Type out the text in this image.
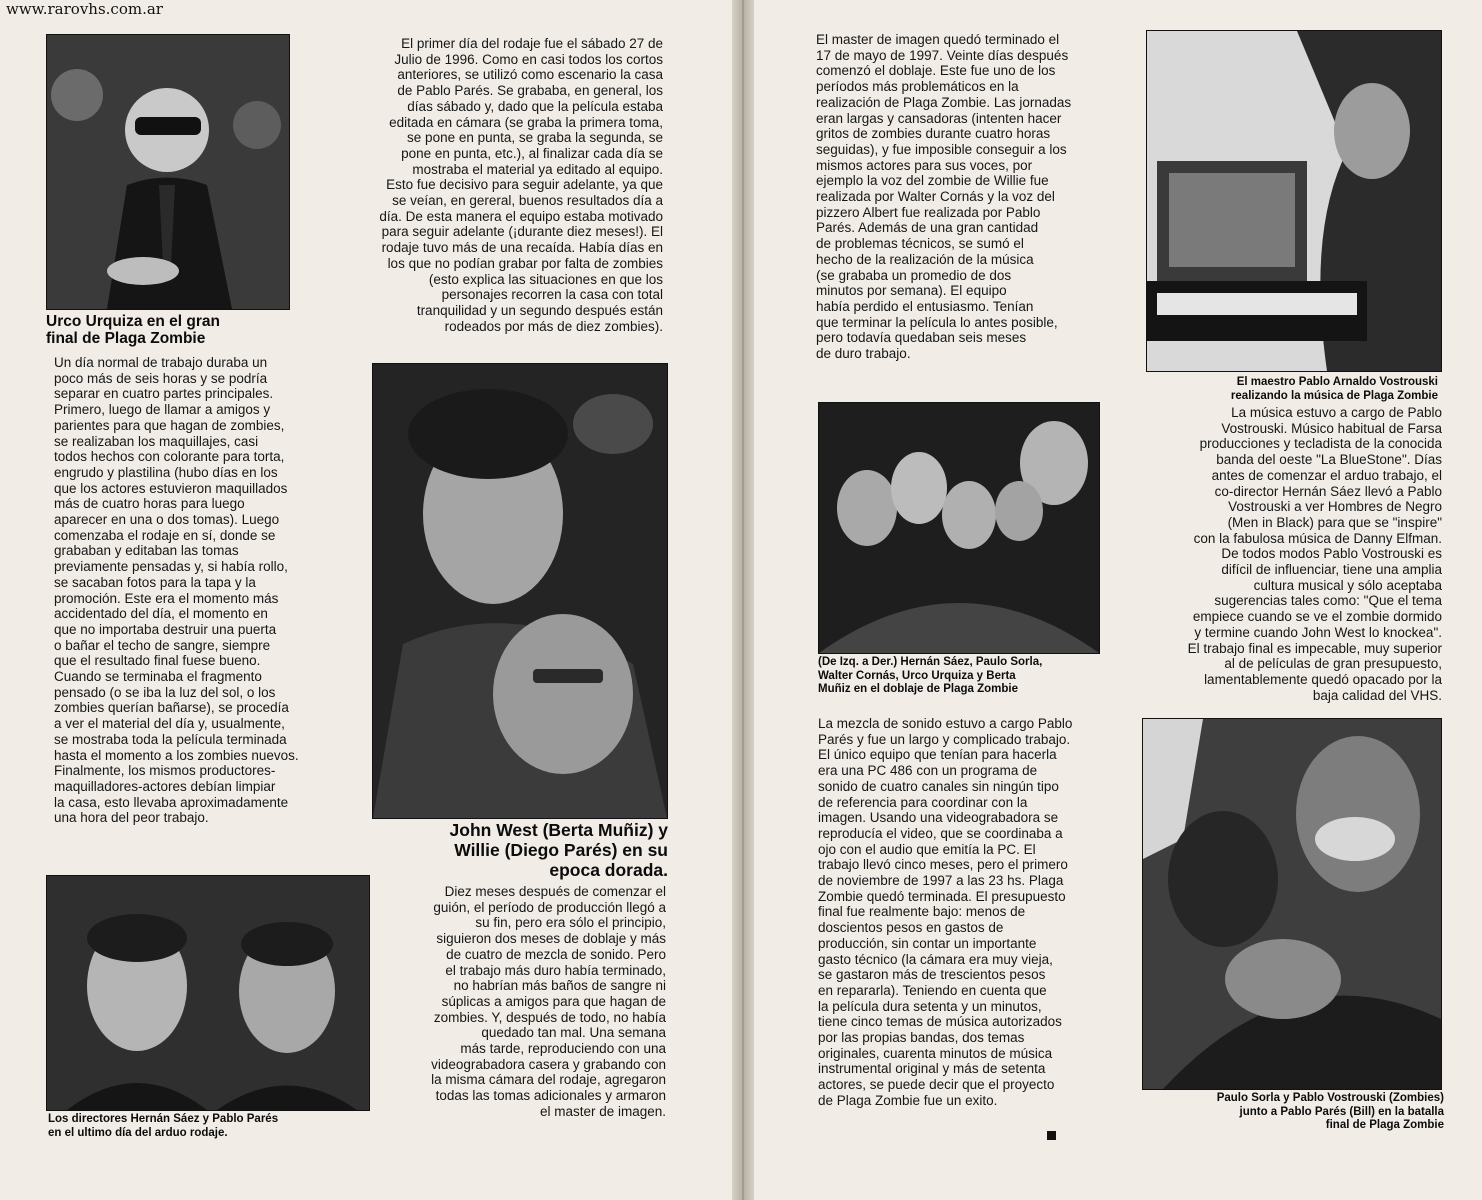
www.rarovhs.com.ar

Urco Urquiza en el gran
final de Plaga Zombie

El primer día del rodaje fue el sábado 27 de
Julio de 1996. Como en casi todos los cortos
anteriores, se utilizó como escenario la casa
de Pablo Parés. Se grababa, en general, los
días sábado y, dado que la película estaba
editada en cámara (se graba la primera toma,
se pone en punta, se graba la segunda, se
pone en punta, etc.), al finalizar cada día se
mostraba el material ya editado al equipo.
Esto fue decisivo para seguir adelante, ya que
se veían, en gereral, buenos resultados día a
día. De esta manera el equipo estaba motivado
para seguir adelante (¡durante diez meses!). El
rodaje tuvo más de una recaída. Había días en
los que no podían grabar por falta de zombies
(esto explica las situaciones en que los
personajes recorren la casa con total
tranquilidad y un segundo después están
rodeados por más de diez zombies).

Un día normal de trabajo duraba un
poco más de seis horas y se podría
separar en cuatro partes principales.
Primero, luego de llamar a amigos y
parientes para que hagan de zombies,
se realizaban los maquillajes, casi
todos hechos con colorante para torta,
engrudo y plastilina (hubo días en los
que los actores estuvieron maquillados
más de cuatro horas para luego
aparecer en una o dos tomas). Luego
comenzaba el rodaje en sí, donde se
grababan y editaban las tomas
previamente pensadas y, si había rollo,
se sacaban fotos para la tapa y la
promoción. Este era el momento más
accidentado del día, el momento en
que no importaba destruir una puerta
o bañar el techo de sangre, siempre
que el resultado final fuese bueno.
Cuando se terminaba el fragmento
pensado (o se iba la luz del sol, o los
zombies querían bañarse), se procedía
a ver el material del día y, usualmente,
se mostraba toda la película terminada
hasta el momento a los zombies nuevos.
Finalmente, los mismos productores-
maquilladores-actores debían limpiar
la casa, esto llevaba aproximadamente
una hora del peor trabajo.

John West (Berta Muñiz) y
Willie (Diego Parés) en su
epoca dorada.

Los directores Hernán Sáez y Pablo Parés
en el ultimo día del arduo rodaje.

Diez meses después de comenzar el
guión, el período de producción llegó a
su fin, pero era sólo el principio,
siguieron dos meses de doblaje y más
de cuatro de mezcla de sonido. Pero
el trabajo más duro había terminado,
no habrían más baños de sangre ni
súplicas a amigos para que hagan de
zombies. Y, después de todo, no había
quedado tan mal. Una semana
más tarde, reproduciendo con una
videograbadora casera y grabando con
la misma cámara del rodaje, agregaron
todas las tomas adicionales y armaron
el master de imagen.

El master de imagen quedó terminado el
17 de mayo de 1997. Veinte días después
comenzó el doblaje. Este fue uno de los
períodos más problemáticos en la
realización de Plaga Zombie. Las jornadas
eran largas y cansadoras (intenten hacer
gritos de zombies durante cuatro horas
seguidas), y fue imposible conseguir a los
mismos actores para sus voces, por
ejemplo la voz del zombie de Willie fue
realizada por Walter Cornás y la voz del
pizzero Albert fue realizada por Pablo
Parés. Además de una gran cantidad
de problemas técnicos, se sumó el
hecho de la realización de la música
(se grababa un promedio de dos
minutos por semana). El equipo
había perdido el entusiasmo. Tenían
que terminar la película lo antes posible,
pero todavía quedaban seis meses
de duro trabajo.

El maestro Pablo Arnaldo Vostrouski
realizando la música de Plaga Zombie

La música estuvo a cargo de Pablo
Vostrouski. Músico habitual de Farsa
producciones y tecladista de la conocida
banda del oeste "La BlueStone". Días
antes de comenzar el arduo trabajo, el
co-director Hernán Sáez llevó a Pablo
Vostrouski a ver Hombres de Negro
(Men in Black) para que se "inspire"
con la fabulosa música de Danny Elfman.
De todos modos Pablo Vostrouski es
difícil de influenciar, tiene una amplia
cultura musical y sólo aceptaba
sugerencias tales como: "Que el tema
empiece cuando se ve el zombie dormido
y termine cuando John West lo knockea".
El trabajo final es impecable, muy superior
al de películas de gran presupuesto,
lamentablemente quedó opacado por la
baja calidad del VHS.

(De Izq. a Der.) Hernán Sáez, Paulo Sorla,
Walter Cornás, Urco Urquiza y Berta
Muñiz en el doblaje de Plaga Zombie

La mezcla de sonido estuvo a cargo Pablo
Parés y fue un largo y complicado trabajo.
El único equipo que tenían para hacerla
era una PC 486 con un programa de
sonido de cuatro canales sin ningún tipo
de referencia para coordinar con la
imagen. Usando una videograbadora se
reproducía el video, que se coordinaba a
ojo con el audio que emitía la PC. El
trabajo llevó cinco meses, pero el primero
de noviembre de 1997 a las 23 hs. Plaga
Zombie quedó terminada. El presupuesto
final fue realmente bajo: menos de
doscientos pesos en gastos de
producción, sin contar un importante
gasto técnico (la cámara era muy vieja,
se gastaron más de trescientos pesos
en repararla). Teniendo en cuenta que
la película dura setenta y un minutos,
tiene cinco temas de música autorizados
por las propias bandas, dos temas
originales, cuarenta minutos de música
instrumental original y más de setenta
actores, se puede decir que el proyecto
de Plaga Zombie fue un exito.	Paulo Sorla y Pablo Vostrouski (Zombies)
junto a Pablo Parés (Bill) en la batalla
final de Plaga Zombie
